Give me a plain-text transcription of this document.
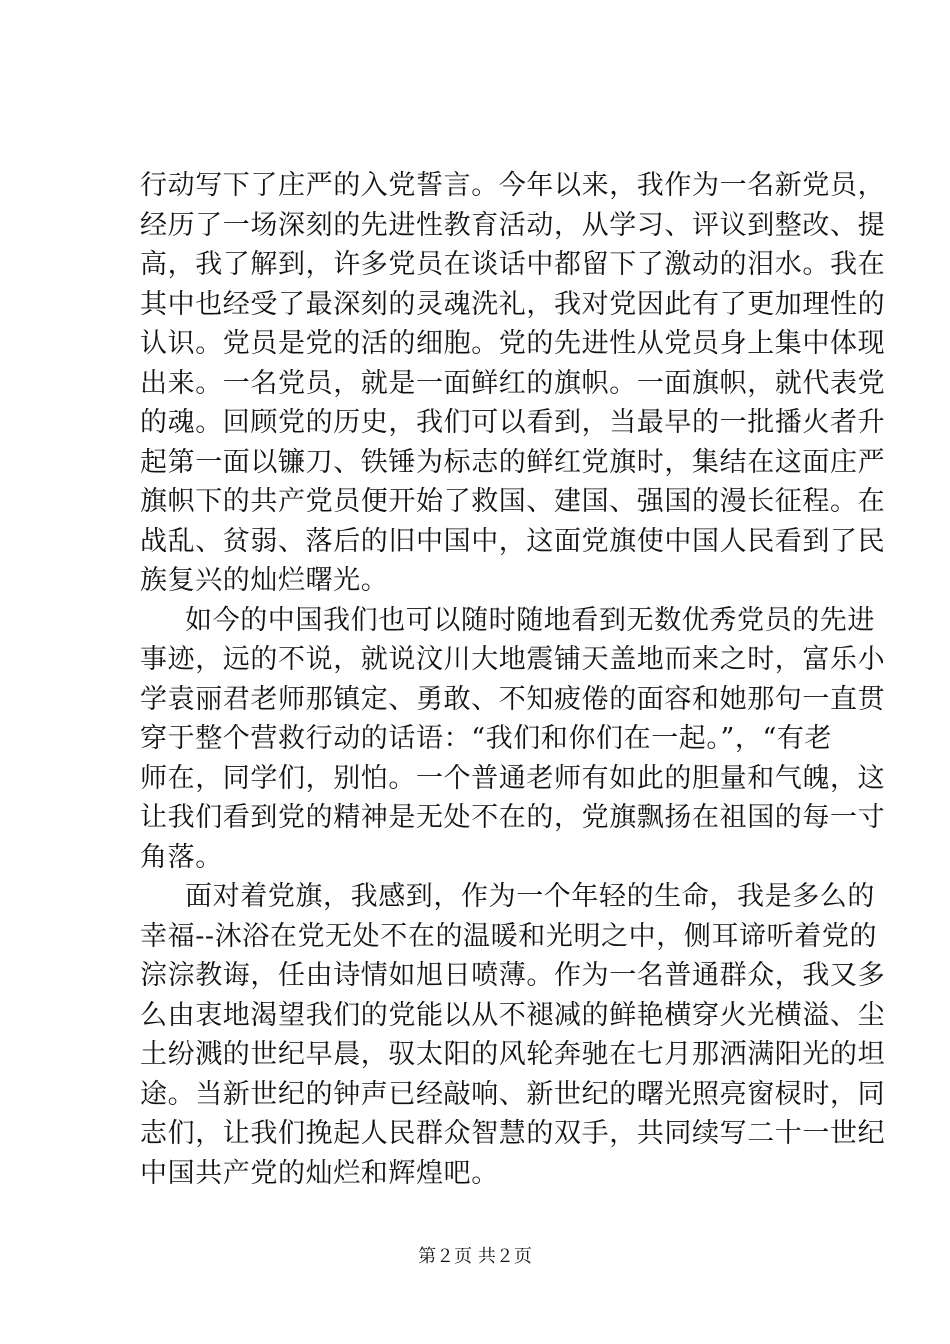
行动写下了庄严的入党誓言。今年以来，我作为一名新党员，
经历了一场深刻的先进性教育活动，从学习、评议到整改、提
高，我了解到，许多党员在谈话中都留下了激动的泪水。我在
其中也经受了最深刻的灵魂洗礼，我对党因此有了更加理性的
认识。党员是党的活的细胞。党的先进性从党员身上集中体现
出来。一名党员，就是一面鲜红的旗帜。一面旗帜，就代表党
的魂。回顾党的历史，我们可以看到，当最早的一批播火者升
起第一面以镰刀、铁锤为标志的鲜红党旗时，集结在这面庄严
旗帜下的共产党员便开始了救国、建国、强国的漫长征程。在
战乱、贫弱、落后的旧中国中，这面党旗使中国人民看到了民
族复兴的灿烂曙光。
如今的中国我们也可以随时随地看到无数优秀党员的先进
事迹，远的不说，就说汶川大地震铺天盖地而来之时，富乐小
学袁丽君老师那镇定、勇敢、不知疲倦的面容和她那句一直贯
穿于整个营救行动的话语：“我们和你们在一起。”，“有老
师在，同学们，别怕。一个普通老师有如此的胆量和气魄，这
让我们看到党的精神是无处不在的，党旗飘扬在祖国的每一寸
角落。
面对着党旗，我感到，作为一个年轻的生命，我是多么的
幸福--沐浴在党无处不在的温暖和光明之中，侧耳谛听着党的
淙淙教诲，任由诗情如旭日喷薄。作为一名普通群众，我又多
么由衷地渴望我们的党能以从不褪减的鲜艳横穿火光横溢、尘
土纷溅的世纪早晨，驭太阳的风轮奔驰在七月那洒满阳光的坦
途。当新世纪的钟声已经敲响、新世纪的曙光照亮窗棂时，同
志们，让我们挽起人民群众智慧的双手，共同续写二十一世纪
中国共产党的灿烂和辉煌吧。
第２页 共２页
